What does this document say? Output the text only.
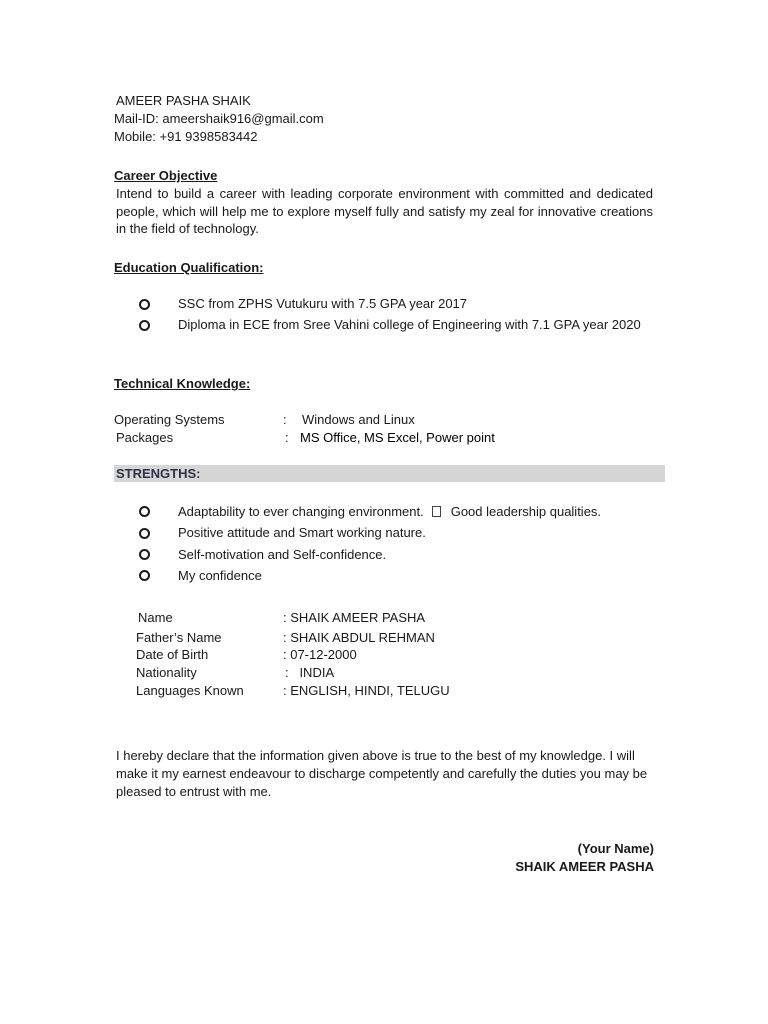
AMEER PASHA SHAIK
Mail-ID: ameershaik916@gmail.com
Mobile: +91 9398583442
Career Objective
Intend to build a career with leading corporate environment with committed and dedicated people, which will help me to explore myself fully and satisfy my zeal for innovative creations in the field of technology.
Education Qualification:
SSC from ZPHS Vutukuru with 7.5 GPA year 2017
Diploma in ECE from Sree Vahini college of Engineering with 7.1 GPA year 2020
Technical Knowledge:
Operating Systems	: Windows and Linux
Packages	: MS Office, MS Excel, Power point
STRENGTHS:
Adaptability to ever changing environment. Good leadership qualities.
Positive attitude and Smart working nature.
Self-motivation and Self-confidence.
My confidence
Name	: SHAIK AMEER PASHA
Father’s Name	: SHAIK ABDUL REHMAN
Date of Birth	: 07-12-2000
Nationality	:   INDIA
Languages Known	: ENGLISH, HINDI, TELUGU
I hereby declare that the information given above is true to the best of my knowledge. I will make it my earnest endeavour to discharge competently and carefully the duties you may be pleased to entrust with me.
(Your Name)
SHAIK AMEER PASHA
